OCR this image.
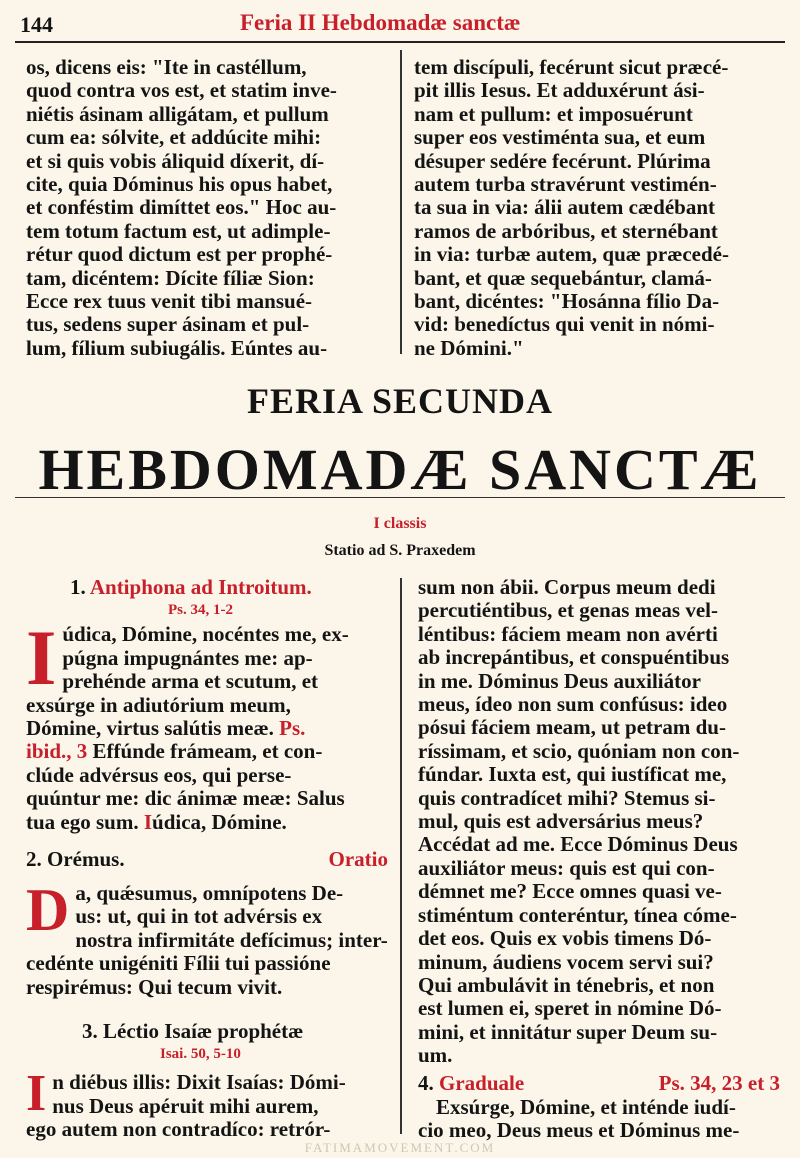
144	Feria II Hebdomadæ sanctæ

os, dicens eis: "Ite in castéllum,

quod contra vos est, et statim inve-

niétis ásinam alligátam, et pullum

cum ea: sólvite, et addúcite mihi:

et si quis vobis áliquid díxerit, dí-

cite, quia Dóminus his opus habet,

et conféstim dimíttet eos." Hoc au-

tem totum factum est, ut adimple-

rétur quod dictum est per prophé-

tam, dicéntem: Dícite fíliæ Sion:

Ecce rex tuus venit tibi mansué-

tus, sedens super ásinam et pul-

lum, fílium subiugális. Eúntes au-

tem discípuli, fecérunt sicut præcé-

pit illis Iesus. Et adduxérunt ási-

nam et pullum: et imposuérunt

super eos vestiménta sua, et eum

désuper sedére fecérunt. Plúrima

autem turba stravérunt vestimén-

ta sua in via: álii autem cædébant

ramos de arbóribus, et sternébant

in via: turbæ autem, quæ præcedé-

bant, et quæ sequebántur, clamá-

bant, dicéntes: "Hosánna fílio Da-

vid: benedíctus qui venit in nómi-

ne Dómini."

FERIA SECUNDA
HEBDOMADÆ SANCTÆ
I classis
Statio ad S. Praxedem
1. Antiphona ad Introitum.
Ps. 34, 1-2
I údica, Dómine, nocéntes me, ex-

púgna impugnántes me: ap-

prehénde arma et scutum, et

exsúrge in adiutórium meum,

Dómine, virtus salútis meæ. Ps.

ibid., 3 Effúnde frámeam, et con-

clúde advérsus eos, qui perse-

quúntur me: dic ánimæ meæ: Salus

tua ego sum. Iúdica, Dómine.

2. Orémus.	Oratio
D a, quǽsumus, omnípotens De-

us: ut, qui in tot advérsis ex

nostra infirmitáte defícimus; inter-

cedénte unigéniti Fílii tui passióne

respirémus: Qui tecum vivit.

3. Léctio Isaíæ prophétæ
Isai. 50, 5-10
I n diébus illis: Dixit Isaías: Dómi-

nus Deus apéruit mihi aurem,

ego autem non contradíco: retrór-

sum non ábii. Corpus meum dedi

percutiéntibus, et genas meas vel-

léntibus: fáciem meam non avérti

ab increpántibus, et conspuéntibus

in me. Dóminus Deus auxiliátor

meus, ídeo non sum confúsus: ideo

pósui fáciem meam, ut petram du-

ríssimam, et scio, quóniam non con-

fúndar. Iuxta est, qui iustíficat me,

quis contradícet mihi? Stemus si-

mul, quis est adversárius meus?

Accédat ad me. Ecce Dóminus Deus

auxiliátor meus: quis est qui con-

démnet me? Ecce omnes quasi ve-

stiméntum conteréntur, tínea cóme-

det eos. Quis ex vobis timens Dó-

minum, áudiens vocem servi sui?

Qui ambulávit in ténebris, et non

est lumen ei, speret in nómine Dó-

mini, et innitátur super Deum su-

um.

4. Graduale	Ps. 34, 23 et 3

Exsúrge, Dómine, et inténde iudí-

cio meo, Deus meus et Dóminus me-

FATIMAMOVEMENT.COM
